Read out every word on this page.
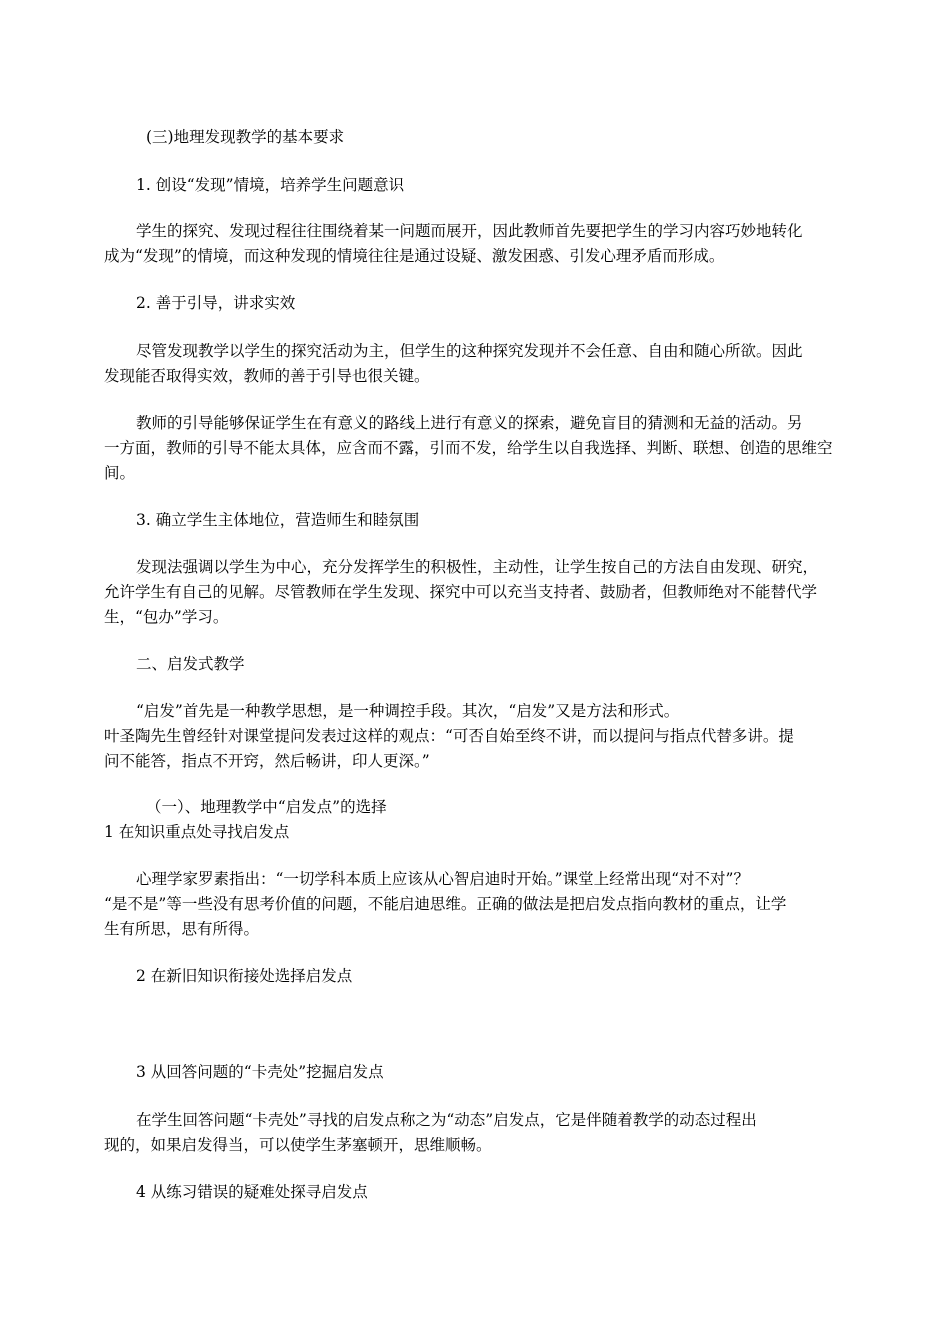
(三)地理发现教学的基本要求

1. 创设“发现”情境，培养学生问题意识

学生的探究、发现过程往往围绕着某一问题而展开，因此教师首先要把学生的学习内容巧妙地转化
成为“发现”的情境，而这种发现的情境往往是通过设疑、激发困惑、引发心理矛盾而形成。

2. 善于引导，讲求实效

尽管发现教学以学生的探究活动为主，但学生的这种探究发现并不会任意、自由和随心所欲。因此
发现能否取得实效，教师的善于引导也很关键。

教师的引导能够保证学生在有意义的路线上进行有意义的探索，避免盲目的猜测和无益的活动。另
一方面，教师的引导不能太具体，应含而不露，引而不发，给学生以自我选择、判断、联想、创造的思维空
间。

3. 确立学生主体地位，营造师生和睦氛围

发现法强调以学生为中心，充分发挥学生的积极性，主动性，让学生按自己的方法自由发现、研究，
允许学生有自己的见解。尽管教师在学生发现、探究中可以充当支持者、鼓励者，但教师绝对不能替代学
生，“包办”学习。

二、启发式教学

“启发”首先是一种教学思想，是一种调控手段。其次，“启发”又是方法和形式。
叶圣陶先生曾经针对课堂提问发表过这样的观点：“可否自始至终不讲，而以提问与指点代替多讲。提
问不能答，指点不开窍，然后畅讲，印人更深。”

（一）、地理教学中“启发点”的选择
1 在知识重点处寻找启发点

心理学家罗素指出：“一切学科本质上应该从心智启迪时开始。”课堂上经常出现“对不对”？
“是不是”等一些没有思考价值的问题，不能启迪思维。正确的做法是把启发点指向教材的重点，让学
生有所思，思有所得。

2 在新旧知识衔接处选择启发点

3 从回答问题的“卡壳处”挖掘启发点

在学生回答问题“卡壳处”寻找的启发点称之为“动态”启发点，它是伴随着教学的动态过程出
现的，如果启发得当，可以使学生茅塞顿开，思维顺畅。

4 从练习错误的疑难处探寻启发点
